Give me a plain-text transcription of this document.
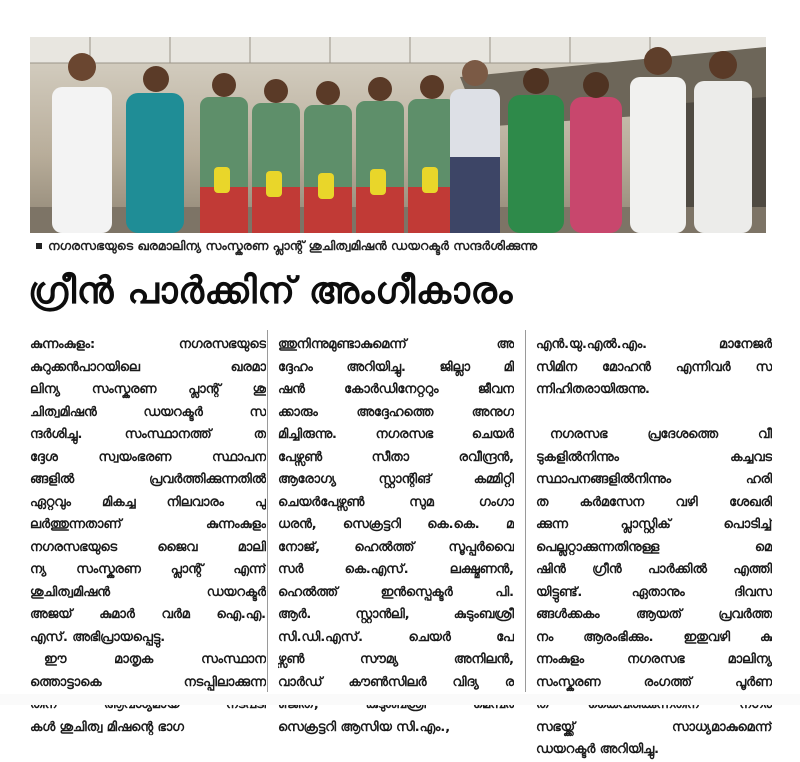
നഗരസഭയുടെ ഖരമാലിന്യ സംസ്കരണ പ്ലാന്റ് ശുചിത്വമിഷൻ ഡയറക്ടർ സന്ദർശിക്കുന്നു
ഗ്രീൻ പാർക്കിന് അംഗീകാരം
കുന്നംകുളം: നഗരസഭയുടെ
കുറുക്കൻപാറയിലെ ഖരമാ
ലിന്യ സംസ്കരണ പ്ലാന്റ് ശു
ചിത്വമിഷൻ ഡയറക്ടർ സ
ന്ദർശിച്ചു. സംസ്ഥാനത്ത് ത
ദ്ദേശ സ്വയംഭരണ സ്ഥാപന
ങ്ങളിൽ പ്രവർത്തിക്കുന്നതിൽ
ഏറ്റവും മികച്ച നിലവാരം പു
ലർത്തുന്നതാണ് കുന്നംകുളം
നഗരസഭയുടെ ജൈവ മാലി
ന്യ സംസ്കരണ പ്ലാന്റ് എന്ന്
ശുചിത്വമിഷൻ ഡയറക്ടർ
അജയ് കുമാർ വർമ ഐ.എ.
എസ്. അഭിപ്രായപ്പെട്ടു.
ഈ മാതൃക സംസ്ഥാന
ത്തൊട്ടാകെ നടപ്പിലാക്കുന്ന
കൾ ശുചിത്വ മിഷന്റെ ഭാഗ
ത്തുനിന്നുമുണ്ടാകുമെന്ന് അ
ദ്ദേഹം അറിയിച്ചു. ജില്ലാ മി
ഷൻ കോർഡിനേറ്ററും ജീവന
ക്കാരും അദ്ദേഹത്തെ അനുഗ
മിച്ചിരുന്നു. നഗരസഭ ചെയർ
പേഴ്സൺ സീതാ രവീന്ദ്രൻ,
ആരോഗ്യ സ്റ്റാന്റിങ് കമ്മിറ്റി
ചെയർപേഴ്സൺ സുമ ഗംഗാ
ധരൻ, സെക്രട്ടറി കെ.കെ. മ
നോജ്, ഹെൽത്ത് സൂപ്പർവൈ
സർ കെ.എസ്. ലക്ഷ്മണൻ,
ഹെൽത്ത് ഇൻസ്പെക്ടർ പി.
ആർ. സ്റ്റാൻലി, കുടുംബശ്രീ
സി.ഡി.എസ്. ചെയർ പേ
ഴ്സൺ സൗമ്യ അനിലൻ,
വാർഡ് കൗൺസിലർ വിദ്യ ര
സെക്രട്ടറി ആസിയ സി.എം.,
എൻ.യു.എൽ.എം. മാനേജർ
സിമിന മോഹൻ എന്നിവർ സ
ന്നിഹിതരായിരുന്നു.
നഗരസഭ പ്രദേശത്തെ വീ
ടുകളിൽനിന്നും കച്ചവട
സ്ഥാപനങ്ങളിൽനിന്നും ഹരി
ത കർമസേന വഴി ശേഖരി
ക്കുന്ന പ്ലാസ്റ്റിക് പൊടിച്ച്
പെല്ലറ്റാക്കുന്നതിനുള്ള മെ
ഷിൻ ഗ്രീൻ പാർക്കിൽ എത്തി
യിട്ടുണ്ട്. ഏതാനും ദിവസ
ങ്ങൾക്കകം ആയത് പ്രവർത്ത
നം ആരംഭിക്കും. ഇതുവഴി കു
ന്നംകുളം നഗരസഭ മാലിന്യ
സംസ്കരണ രംഗത്ത് പൂർണ
സഭയ്ക്ക് സാധ്യമാകുമെന്ന്
ഡയറക്ടർ അറിയിച്ചു.
